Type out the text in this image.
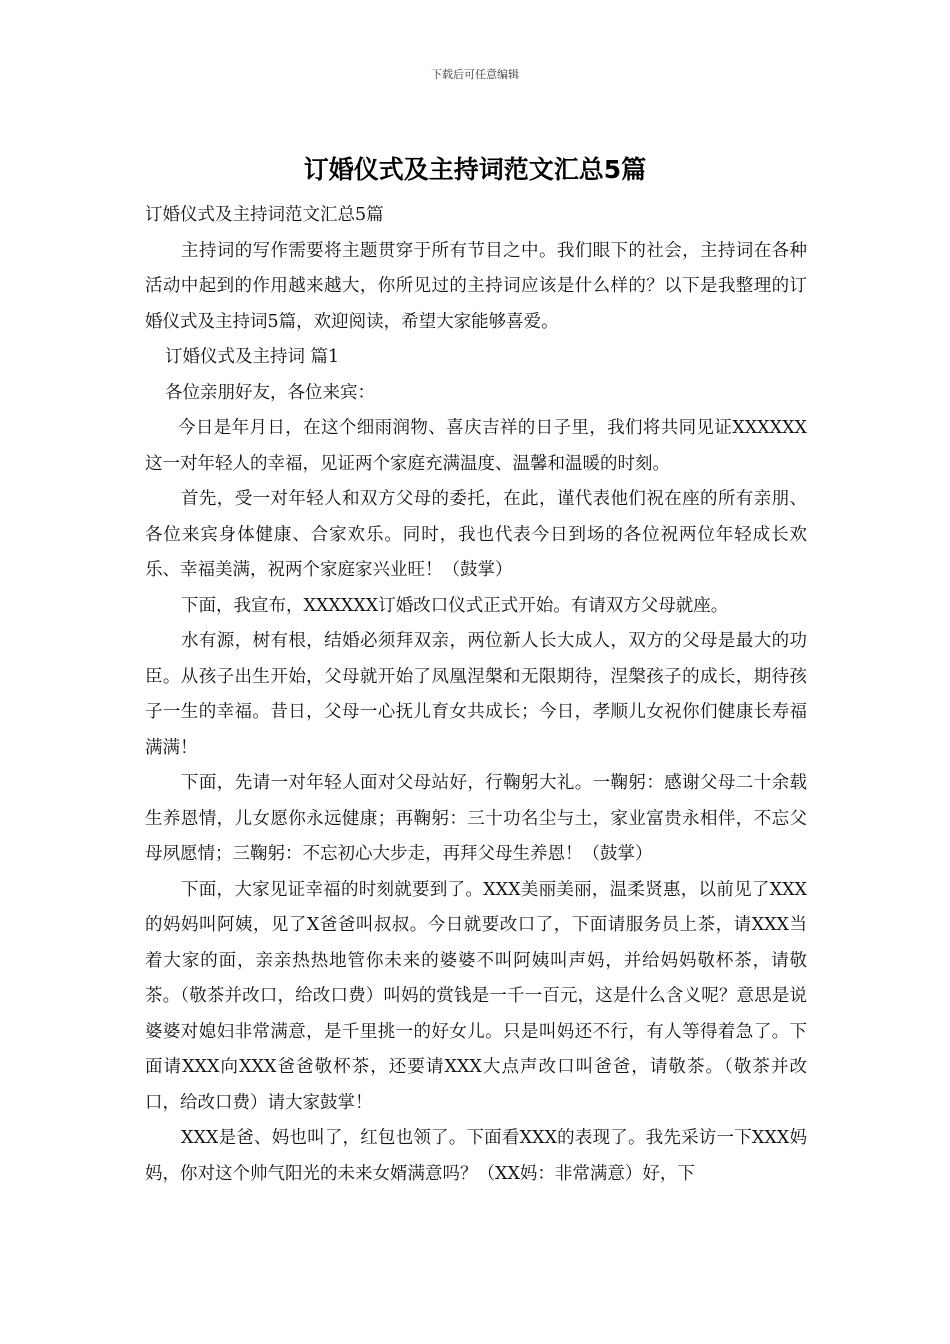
下载后可任意编辑
订婚仪式及主持词范文汇总5篇

订婚仪式及主持词范文汇总5篇

主持词的写作需要将主题贯穿于所有节目之中。我们眼下的社会，主持词在各种活动中起到的作用越来越大，你所见过的主持词应该是什么样的？以下是我整理的订婚仪式及主持词5篇，欢迎阅读，希望大家能够喜爱。

订婚仪式及主持词 篇1

各位亲朋好友，各位来宾：

今日是年月日，在这个细雨润物、喜庆吉祥的日子里，我们将共同见证XXXXXX这一对年轻人的幸福，见证两个家庭充满温度、温馨和温暖的时刻。

首先，受一对年轻人和双方父母的委托，在此，谨代表他们祝在座的所有亲朋、各位来宾身体健康、合家欢乐。同时，我也代表今日到场的各位祝两位年轻成长欢乐、幸福美满，祝两个家庭家兴业旺！（鼓掌）

下面，我宣布，XXXXXX订婚改口仪式正式开始。有请双方父母就座。

水有源，树有根，结婚必须拜双亲，两位新人长大成人，双方的父母是最大的功臣。从孩子出生开始，父母就开始了凤凰涅槃和无限期待，涅槃孩子的成长，期待孩子一生的幸福。昔日，父母一心抚儿育女共成长；今日，孝顺儿女祝你们健康长寿福满满！

下面，先请一对年轻人面对父母站好，行鞠躬大礼。一鞠躬：感谢父母二十余载生养恩情，儿女愿你永远健康；再鞠躬：三十功名尘与土，家业富贵永相伴，不忘父母夙愿情；三鞠躬：不忘初心大步走，再拜父母生养恩！（鼓掌）

下面，大家见证幸福的时刻就要到了。XXX美丽美丽，温柔贤惠，以前见了XXX的妈妈叫阿姨，见了X爸爸叫叔叔。今日就要改口了，下面请服务员上茶，请XXX当着大家的面，亲亲热热地管你未来的婆婆不叫阿姨叫声妈，并给妈妈敬杯茶，请敬茶。（敬茶并改口，给改口费）叫妈的赏钱是一千一百元，这是什么含义呢？意思是说婆婆对媳妇非常满意，是千里挑一的好女儿。只是叫妈还不行，有人等得着急了。下面请XXX向XXX爸爸敬杯茶，还要请XXX大点声改口叫爸爸，请敬茶。（敬茶并改口，给改口费）请大家鼓掌！

XXX是爸、妈也叫了，红包也领了。下面看XXX的表现了。我先采访一下XXX妈妈，你对这个帅气阳光的未来女婿满意吗？（XX妈：非常满意）好，下
